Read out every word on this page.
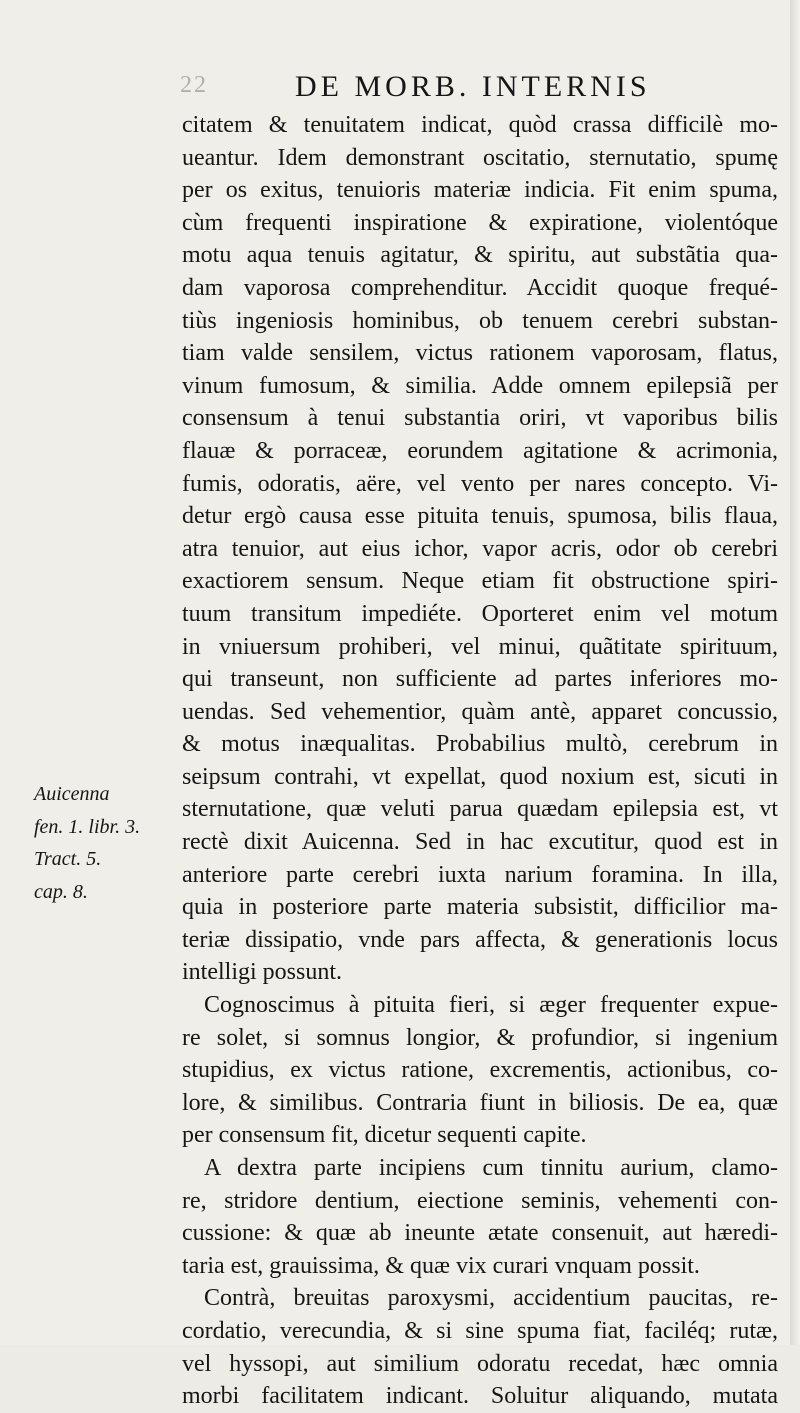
22	DE MORB. INTERNIS
Auicenna
fen. 1. libr. 3.
Tract. 5.
cap. 8.
citatem & tenuitatem indicat, quòd crassa difficilè mo-
ueantur. Idem demonstrant oscitatio, sternutatio, spumę
per os exitus, tenuioris materiæ indicia. Fit enim spuma,
cùm frequenti inspiratione & expiratione, violentóque
motu aqua tenuis agitatur, & spiritu, aut substãtia qua-
dam vaporosa comprehenditur. Accidit quoque frequé-
tiùs ingeniosis hominibus, ob tenuem cerebri substan-
tiam valde sensilem, victus rationem vaporosam, flatus,
vinum fumosum, & similia. Adde omnem epilepsiã per
consensum à tenui substantia oriri, vt vaporibus bilis
flauæ & porraceæ, eorundem agitatione & acrimonia,
fumis, odoratis, aëre, vel vento per nares concepto. Vi-
detur ergò causa esse pituita tenuis, spumosa, bilis flaua,
atra tenuior, aut eius ichor, vapor acris, odor ob cerebri
exactiorem sensum. Neque etiam fit obstructione spiri-
tuum transitum impediéte. Oporteret enim vel motum
in vniuersum prohiberi, vel minui, quãtitate spirituum,
qui transeunt, non sufficiente ad partes inferiores mo-
uendas. Sed vehementior, quàm antè, apparet concussio,
& motus inæqualitas. Probabilius multò, cerebrum in
seipsum contrahi, vt expellat, quod noxium est, sicuti in
sternutatione, quæ veluti parua quædam epilepsia est, vt
rectè dixit Auicenna. Sed in hac excutitur, quod est in
anteriore parte cerebri iuxta narium foramina. In illa,
quia in posteriore parte materia subsistit, difficilior ma-
teriæ dissipatio, vnde pars affecta, & generationis locus
intelligi possunt.
Cognoscimus à pituita fieri, si æger frequenter expue-
re solet, si somnus longior, & profundior, si ingenium
stupidius, ex victus ratione, excrementis, actionibus, co-
lore, & similibus. Contraria fiunt in biliosis. De ea, quæ
per consensum fit, dicetur sequenti capite.
A dextra parte incipiens cum tinnitu aurium, clamo-
re, stridore dentium, eiectione seminis, vehementi con-
cussione: & quæ ab ineunte ætate consenuit, aut hæredi-
taria est, grauissima, & quæ vix curari vnquam possit.
Contrà, breuitas paroxysmi, accidentium paucitas, re-
cordatio, verecundia, & si sine spuma fiat, faciléq; rutæ,
vel hyssopi, aut similium odoratu recedat, hæc omnia
morbi facilitatem indicant. Soluitur aliquando, mutata
